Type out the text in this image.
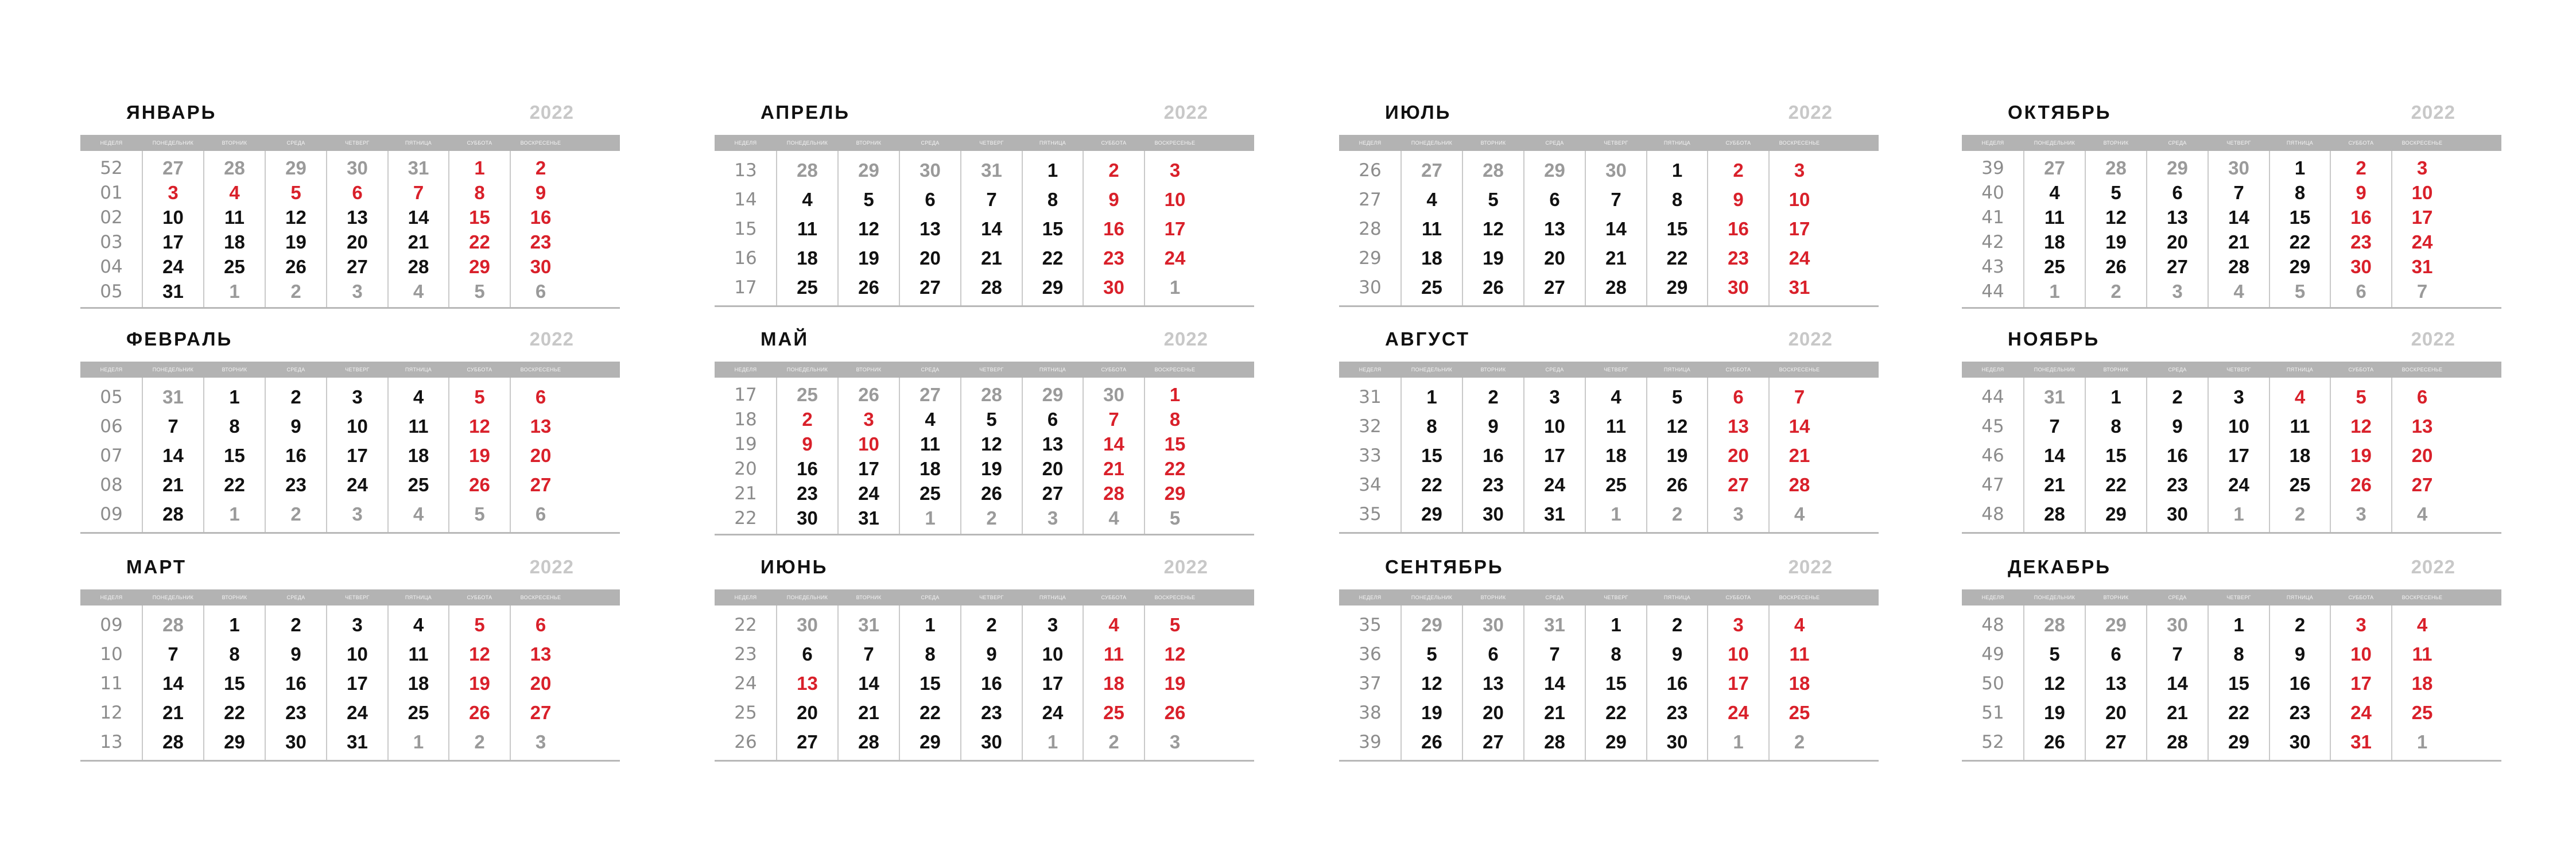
ЯНВАРЬ	2022
НЕДЕЛЯ	ПОНЕДЕЛЬНИК	ВТОРНИК	СРЕДА	ЧЕТВЕРГ	ПЯТНИЦА	СУББОТА	ВОСКРЕСЕНЬЕ
52	27	28	29	30	31	1	2
01	3	4	5	6	7	8	9
02	10	11	12	13	14	15	16
03	17	18	19	20	21	22	23
04	24	25	26	27	28	29	30
05	31	1	2	3	4	5	6
ФЕВРАЛЬ	2022
НЕДЕЛЯ	ПОНЕДЕЛЬНИК	ВТОРНИК	СРЕДА	ЧЕТВЕРГ	ПЯТНИЦА	СУББОТА	ВОСКРЕСЕНЬЕ
05	31	1	2	3	4	5	6
06	7	8	9	10	11	12	13
07	14	15	16	17	18	19	20
08	21	22	23	24	25	26	27
09	28	1	2	3	4	5	6
МАРТ	2022
НЕДЕЛЯ	ПОНЕДЕЛЬНИК	ВТОРНИК	СРЕДА	ЧЕТВЕРГ	ПЯТНИЦА	СУББОТА	ВОСКРЕСЕНЬЕ
09	28	1	2	3	4	5	6
10	7	8	9	10	11	12	13
11	14	15	16	17	18	19	20
12	21	22	23	24	25	26	27
13	28	29	30	31	1	2	3
АПРЕЛЬ	2022
НЕДЕЛЯ	ПОНЕДЕЛЬНИК	ВТОРНИК	СРЕДА	ЧЕТВЕРГ	ПЯТНИЦА	СУББОТА	ВОСКРЕСЕНЬЕ
13	28	29	30	31	1	2	3
14	4	5	6	7	8	9	10
15	11	12	13	14	15	16	17
16	18	19	20	21	22	23	24
17	25	26	27	28	29	30	1
МАЙ	2022
НЕДЕЛЯ	ПОНЕДЕЛЬНИК	ВТОРНИК	СРЕДА	ЧЕТВЕРГ	ПЯТНИЦА	СУББОТА	ВОСКРЕСЕНЬЕ
17	25	26	27	28	29	30	1
18	2	3	4	5	6	7	8
19	9	10	11	12	13	14	15
20	16	17	18	19	20	21	22
21	23	24	25	26	27	28	29
22	30	31	1	2	3	4	5
ИЮНЬ	2022
НЕДЕЛЯ	ПОНЕДЕЛЬНИК	ВТОРНИК	СРЕДА	ЧЕТВЕРГ	ПЯТНИЦА	СУББОТА	ВОСКРЕСЕНЬЕ
22	30	31	1	2	3	4	5
23	6	7	8	9	10	11	12
24	13	14	15	16	17	18	19
25	20	21	22	23	24	25	26
26	27	28	29	30	1	2	3
ИЮЛЬ	2022
НЕДЕЛЯ	ПОНЕДЕЛЬНИК	ВТОРНИК	СРЕДА	ЧЕТВЕРГ	ПЯТНИЦА	СУББОТА	ВОСКРЕСЕНЬЕ
26	27	28	29	30	1	2	3
27	4	5	6	7	8	9	10
28	11	12	13	14	15	16	17
29	18	19	20	21	22	23	24
30	25	26	27	28	29	30	31
АВГУСТ	2022
НЕДЕЛЯ	ПОНЕДЕЛЬНИК	ВТОРНИК	СРЕДА	ЧЕТВЕРГ	ПЯТНИЦА	СУББОТА	ВОСКРЕСЕНЬЕ
31	1	2	3	4	5	6	7
32	8	9	10	11	12	13	14
33	15	16	17	18	19	20	21
34	22	23	24	25	26	27	28
35	29	30	31	1	2	3	4
СЕНТЯБРЬ	2022
НЕДЕЛЯ	ПОНЕДЕЛЬНИК	ВТОРНИК	СРЕДА	ЧЕТВЕРГ	ПЯТНИЦА	СУББОТА	ВОСКРЕСЕНЬЕ
35	29	30	31	1	2	3	4
36	5	6	7	8	9	10	11
37	12	13	14	15	16	17	18
38	19	20	21	22	23	24	25
39	26	27	28	29	30	1	2
ОКТЯБРЬ	2022
НЕДЕЛЯ	ПОНЕДЕЛЬНИК	ВТОРНИК	СРЕДА	ЧЕТВЕРГ	ПЯТНИЦА	СУББОТА	ВОСКРЕСЕНЬЕ
39	27	28	29	30	1	2	3
40	4	5	6	7	8	9	10
41	11	12	13	14	15	16	17
42	18	19	20	21	22	23	24
43	25	26	27	28	29	30	31
44	1	2	3	4	5	6	7
НОЯБРЬ	2022
НЕДЕЛЯ	ПОНЕДЕЛЬНИК	ВТОРНИК	СРЕДА	ЧЕТВЕРГ	ПЯТНИЦА	СУББОТА	ВОСКРЕСЕНЬЕ
44	31	1	2	3	4	5	6
45	7	8	9	10	11	12	13
46	14	15	16	17	18	19	20
47	21	22	23	24	25	26	27
48	28	29	30	1	2	3	4
ДЕКАБРЬ	2022
НЕДЕЛЯ	ПОНЕДЕЛЬНИК	ВТОРНИК	СРЕДА	ЧЕТВЕРГ	ПЯТНИЦА	СУББОТА	ВОСКРЕСЕНЬЕ
48	28	29	30	1	2	3	4
49	5	6	7	8	9	10	11
50	12	13	14	15	16	17	18
51	19	20	21	22	23	24	25
52	26	27	28	29	30	31	1
